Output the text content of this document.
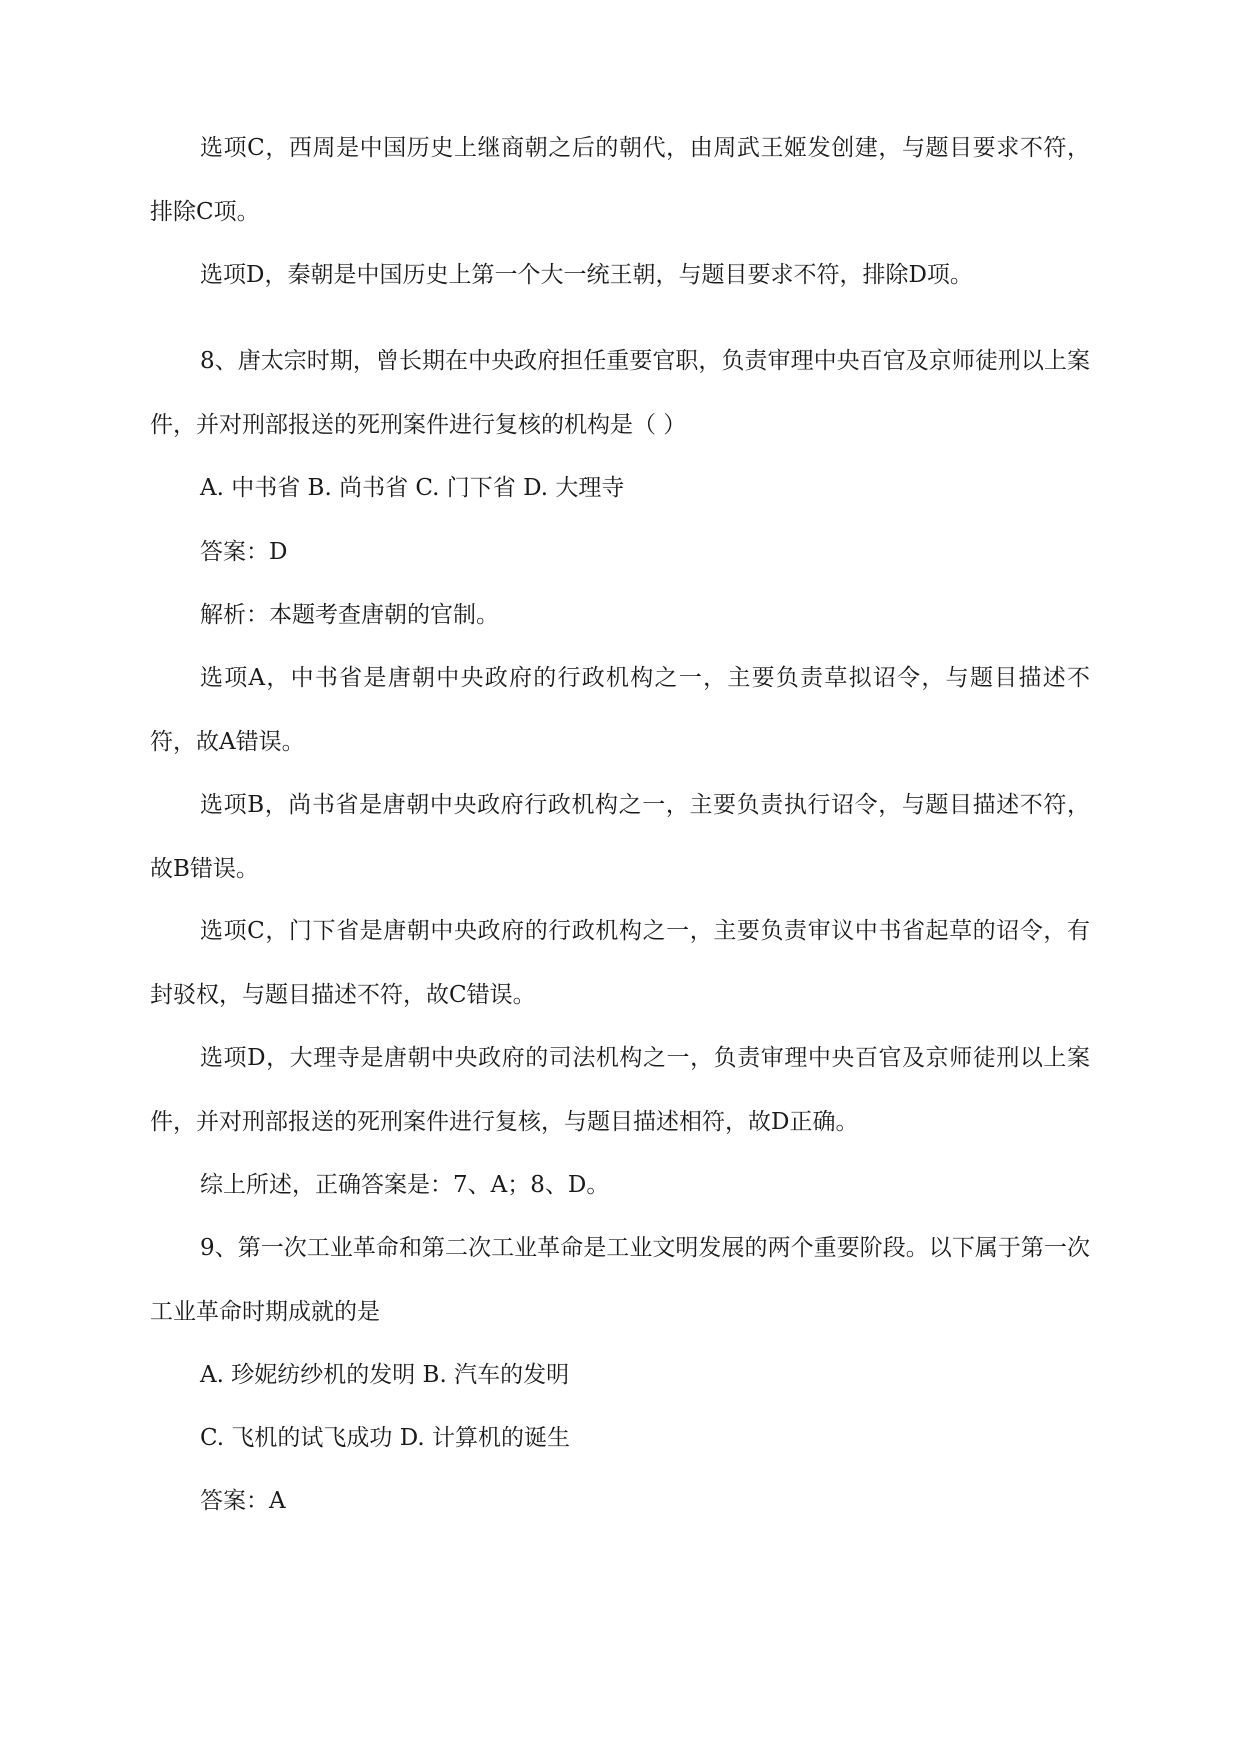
选项C，西周是中国历史上继商朝之后的朝代，由周武王姬发创建，与题目要求不符，排除C项。

选项D，秦朝是中国历史上第一个大一统王朝，与题目要求不符，排除D项。

8、唐太宗时期，曾长期在中央政府担任重要官职，负责审理中央百官及京师徒刑以上案件，并对刑部报送的死刑案件进行复核的机构是（ ）

A. 中书省 B. 尚书省 C. 门下省 D. 大理寺

答案：D

解析：本题考查唐朝的官制。

选项A，中书省是唐朝中央政府的行政机构之一，主要负责草拟诏令，与题目描述不符，故A错误。

选项B，尚书省是唐朝中央政府行政机构之一，主要负责执行诏令，与题目描述不符，故B错误。

选项C，门下省是唐朝中央政府的行政机构之一，主要负责审议中书省起草的诏令，有封驳权，与题目描述不符，故C错误。

选项D，大理寺是唐朝中央政府的司法机构之一，负责审理中央百官及京师徒刑以上案件，并对刑部报送的死刑案件进行复核，与题目描述相符，故D正确。

综上所述，正确答案是：7、A；8、D。

9、第一次工业革命和第二次工业革命是工业文明发展的两个重要阶段。以下属于第一次工业革命时期成就的是

A. 珍妮纺纱机的发明 B. 汽车的发明

C. 飞机的试飞成功 D. 计算机的诞生

答案：A
